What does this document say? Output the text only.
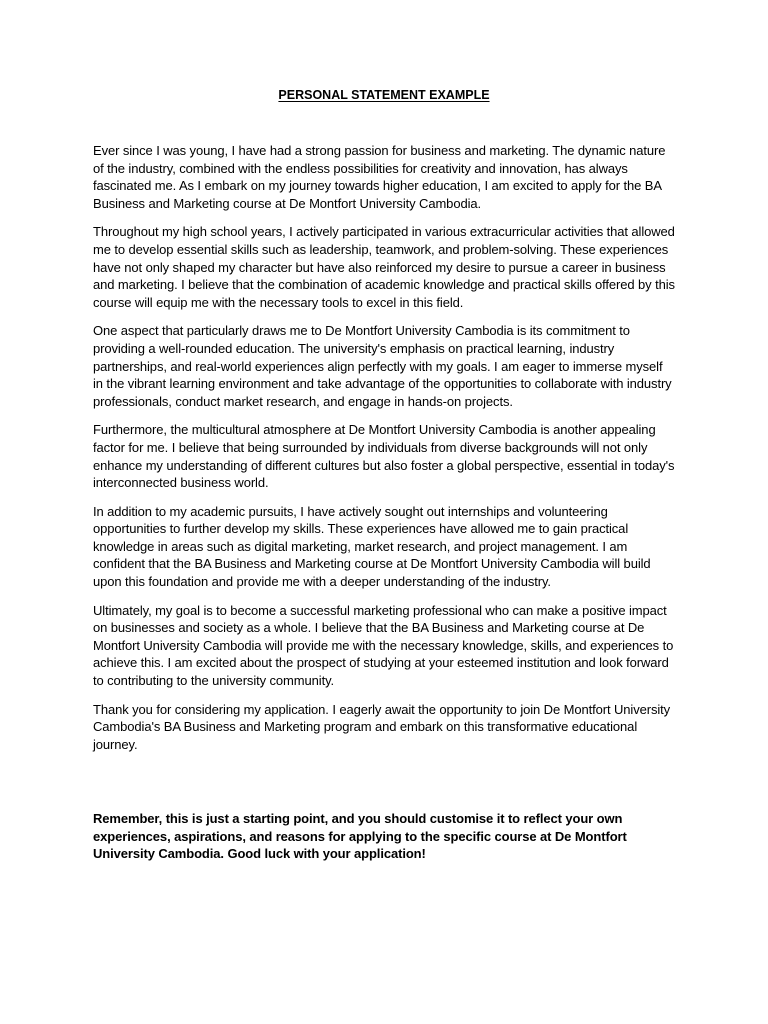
PERSONAL STATEMENT EXAMPLE

Ever since I was young, I have had a strong passion for business and marketing. The dynamic nature of the industry, combined with the endless possibilities for creativity and innovation, has always fascinated me. As I embark on my journey towards higher education, I am excited to apply for the BA Business and Marketing course at De Montfort University Cambodia.

Throughout my high school years, I actively participated in various extracurricular activities that allowed me to develop essential skills such as leadership, teamwork, and problem-solving. These experiences have not only shaped my character but have also reinforced my desire to pursue a career in business and marketing. I believe that the combination of academic knowledge and practical skills offered by this course will equip me with the necessary tools to excel in this field.

One aspect that particularly draws me to De Montfort University Cambodia is its commitment to providing a well-rounded education. The university's emphasis on practical learning, industry partnerships, and real-world experiences align perfectly with my goals. I am eager to immerse myself in the vibrant learning environment and take advantage of the opportunities to collaborate with industry professionals, conduct market research, and engage in hands-on projects.

Furthermore, the multicultural atmosphere at De Montfort University Cambodia is another appealing factor for me. I believe that being surrounded by individuals from diverse backgrounds will not only enhance my understanding of different cultures but also foster a global perspective, essential in today's interconnected business world.

In addition to my academic pursuits, I have actively sought out internships and volunteering opportunities to further develop my skills. These experiences have allowed me to gain practical knowledge in areas such as digital marketing, market research, and project management. I am confident that the BA Business and Marketing course at De Montfort University Cambodia will build upon this foundation and provide me with a deeper understanding of the industry.

Ultimately, my goal is to become a successful marketing professional who can make a positive impact on businesses and society as a whole. I believe that the BA Business and Marketing course at De Montfort University Cambodia will provide me with the necessary knowledge, skills, and experiences to achieve this. I am excited about the prospect of studying at your esteemed institution and look forward to contributing to the university community.

Thank you for considering my application. I eagerly await the opportunity to join De Montfort University Cambodia's BA Business and Marketing program and embark on this transformative educational journey.

Remember, this is just a starting point, and you should customise it to reflect your own experiences, aspirations, and reasons for applying to the specific course at De Montfort University Cambodia. Good luck with your application!
